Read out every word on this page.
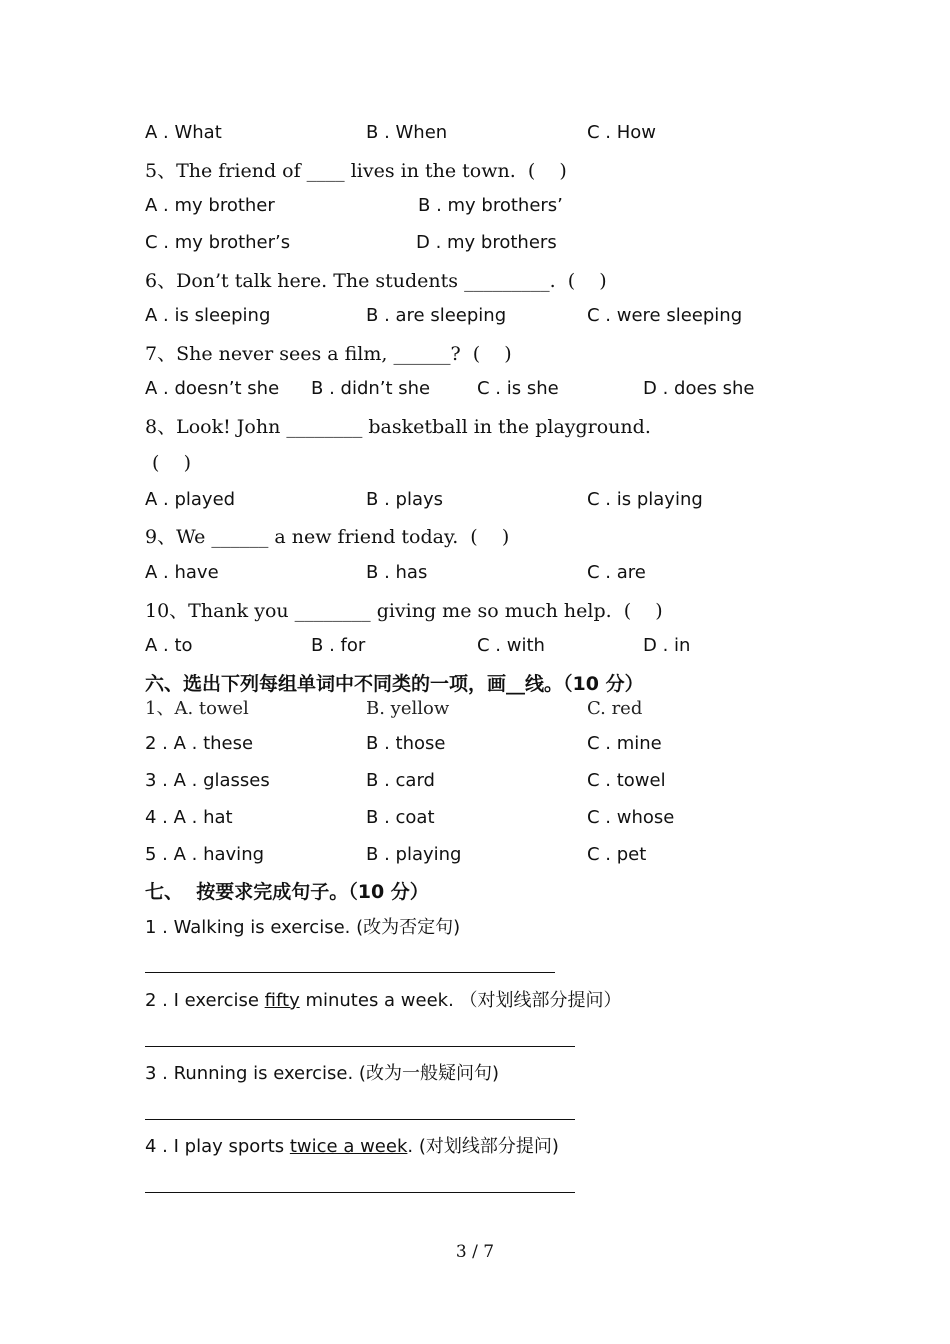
A . What	B . When	C . How
5、The friend of ____ lives in the town.  (    )
A . my brother	B . my brothers’
C . my brother’s	D . my brothers
6、Don’t talk here. The students _________.  (    )
A . is sleeping	B . are sleeping	C . were sleeping
7、She never sees a film, ______?  (    )
A . doesn’t she B . didn’t she	C . is she	D . does she
8、Look! John ________ basketball in the playground.
(    )
A . played	B . plays	C . is playing
9、We ______ a new friend today.  (    )
A . have	B . has	C . are
10、Thank you ________ giving me so much help.  (    )
A . to	B . for	C . with	D . in
六、选出下列每组单词中不同类的一项，画__线。（10 分）
1、A. towel	B. yellow	C. red
2 . A . these	B . those	C . mine
3 . A . glasses	B . card	C . towel
4 . A . hat	B . coat	C . whose
5 . A . having	B . playing	C . pet
七、  按要求完成句子。（10 分）
1 . Walking is exercise. (改为否定句)
2 . I exercise fifty minutes a week. （对划线部分提问）
3 . Running is exercise. (改为一般疑问句)
4 . I play sports twice a week. (对划线部分提问)
3 / 7
